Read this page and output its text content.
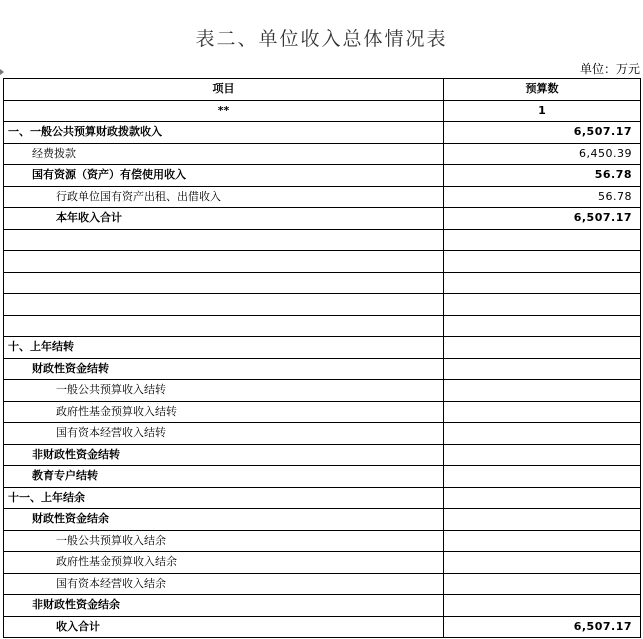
表二、单位收入总体情况表
单位：万元
项目	预算数
**	1
一、一般公共预算财政拨款收入	6,507.17
经费拨款	6,450.39
国有资源（资产）有偿使用收入	56.78
行政单位国有资产出租、出借收入	56.78
本年收入合计	6,507.17

十、上年结转	
财政性资金结转	
一般公共预算收入结转	
政府性基金预算收入结转	
国有资本经营收入结转	
非财政性资金结转	
教育专户结转	
十一、上年结余	
财政性资金结余	
一般公共预算收入结余	
政府性基金预算收入结余	
国有资本经营收入结余	
非财政性资金结余	
收入合计	6,507.17
